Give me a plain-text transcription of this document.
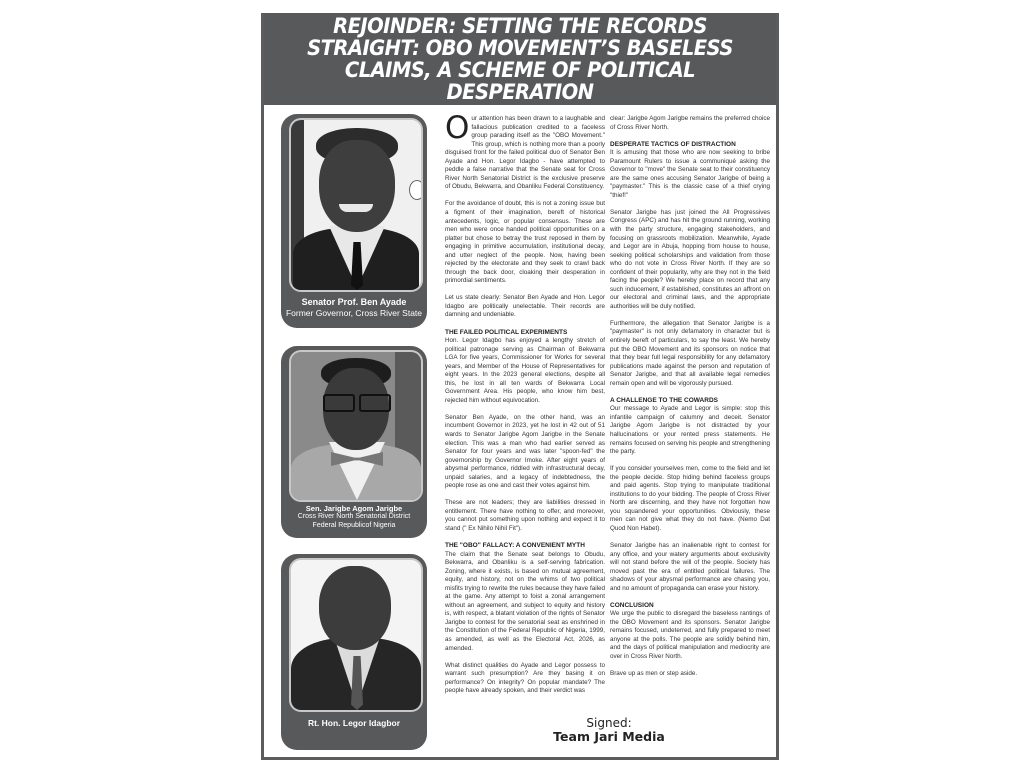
REJOINDER: SETTING THE RECORDS STRAIGHT: OBO MOVEMENT’S BASELESS CLAIMS, A SCHEME OF POLITICAL DESPERATION
Senator Prof. Ben Ayade
Former Governor, Cross River State
Sen. Jarigbe Agom Jarigbe
Cross River North Senatorial District
Federal Republicof Nigeria
Rt. Hon. Legor Idagbor

Our attention has been drawn to a laughable and fallacious publication credited to a faceless group parading itself as the "OBO Movement." This group, which is nothing more than a poorly disguised front for the failed political duo of Senator Ben Ayade and Hon. Legor Idagbo - have attempted to peddle a false narrative that the Senate seat for Cross River North Senatorial District is the exclusive preserve of Obudu, Bekwarra, and Obanliku Federal Constituency.

For the avoidance of doubt, this is not a zoning issue but a figment of their imagination, bereft of historical antecedents, logic, or popular consensus. These are men who were once handed political opportunities on a platter but chose to betray the trust reposed in them by engaging in primitive accumulation, institutional decay, and utter neglect of the people. Now, having been rejected by the electorate and they seek to crawl back through the back door, cloaking their desperation in primordial sentiments.

Let us state clearly: Senator Ben Ayade and Hon. Legor Idagbo are politically unelectable. Their records are damning and undeniable.

THE FAILED POLITICAL EXPERIMENTS

Hon. Legor Idagbo has enjoyed a lengthy stretch of political patronage serving as Chairman of Bekwarra LGA for five years, Commissioner for Works for several years, and Member of the House of Representatives for eight years. In the 2023 general elections, despite all this, he lost in all ten wards of Bekwarra Local Government Area. His people, who know him best, rejected him without equivocation.

Senator Ben Ayade, on the other hand, was an incumbent Governor in 2023, yet he lost in 42 out of 51 wards to Senator Jarigbe Agom Jarigbe in the Senate election. This was a man who had earlier served as Senator for four years and was later "spoon-fed" the governorship by Governor Imoke. After eight years of abysmal performance, riddled with infrastructural decay, unpaid salaries, and a legacy of indebtedness, the people rose as one and cast their votes against him.

These are not leaders; they are liabilities dressed in entitlement. There have nothing to offer, and moreover, you cannot put something upon nothing and expect it to stand (" Ex Nihilo Nihil Fit").

THE "OBO" FALLACY: A CONVENIENT MYTH

The claim that the Senate seat belongs to Obudu, Bekwarra, and Obanliku is a self-serving fabrication. Zoning, where it exists, is based on mutual agreement, equity, and history, not on the whims of two political misfits trying to rewrite the rules because they have failed at the game. Any attempt to foist a zonal arrangement without an agreement, and subject to equity and history is, with respect, a blatant violation of the rights of Senator Jarigbe to contest for the senatorial seat as enshrined in the Constitution of the Federal Republic of Nigeria, 1999, as amended, as well as the Electoral Act, 2026, as amended.

What distinct qualities do Ayade and Legor possess to warrant such presumption? Are they basing it on performance? On integrity? On popular mandate? The people have already spoken, and their verdict was

clear: Jarigbe Agom Jarigbe remains the preferred choice of Cross River North.

DESPERATE TACTICS OF DISTRACTION

It is amusing that those who are now seeking to bribe Paramount Rulers to issue a communiqué asking the Governor to "move" the Senate seat to their constituency are the same ones accusing Senator Jarigbe of being a "paymaster." This is the classic case of a thief crying "thief!"

Senator Jarigbe has just joined the All Progressives Congress (APC) and has hit the ground running, working with the party structure, engaging stakeholders, and focusing on grassroots mobilization. Meanwhile, Ayade and Legor are in Abuja, hopping from house to house, seeking political scholarships and validation from those who do not vote in Cross River North. If they are so confident of their popularity, why are they not in the field facing the people? We hereby place on record that any such inducement, if established, constitutes an affront on our electoral and criminal laws, and the appropriate authorities will be duly notified.

Furthermore, the allegation that Senator Jarigbe is a "paymaster" is not only defamatory in character but is entirely bereft of particulars, to say the least. We hereby put the OBO Movement and its sponsors on notice that that they bear full legal responsibility for any defamatory publications made against the person and reputation of Senator Jarigbe, and that all available legal remedies remain open and will be vigorously pursued.

A CHALLENGE TO THE COWARDS

Our message to Ayade and Legor is simple: stop this infantile campaign of calumny and deceit. Senator Jarigbe Agom Jarigbe is not distracted by your hallucinations or your rented press statements. He remains focused on serving his people and strengthening the party.

If you consider yourselves men, come to the field and let the people decide. Stop hiding behind faceless groups and paid agents. Stop trying to manipulate traditional institutions to do your bidding. The people of Cross River North are discerning, and they have not forgotten how you squandered your opportunities. Obviously, these men can not give what they do not have. (Nemo Dat Quod Non Habet).

Senator Jarigbe has an inalienable right to contest for any office, and your watery arguments about exclusivity will not stand before the will of the people. Society has moved past the era of entitled political failures. The shadows of your abysmal performance are chasing you, and no amount of propaganda can erase your history.

CONCLUSION

We urge the public to disregard the baseless rantings of the OBO Movement and its sponsors. Senator Jarigbe remains focused, undeterred, and fully prepared to meet anyone at the polls. The people are solidly behind him, and the days of political manipulation and mediocrity are over in Cross River North.

Brave up as men or step aside.

Signed:
Team Jari Media
